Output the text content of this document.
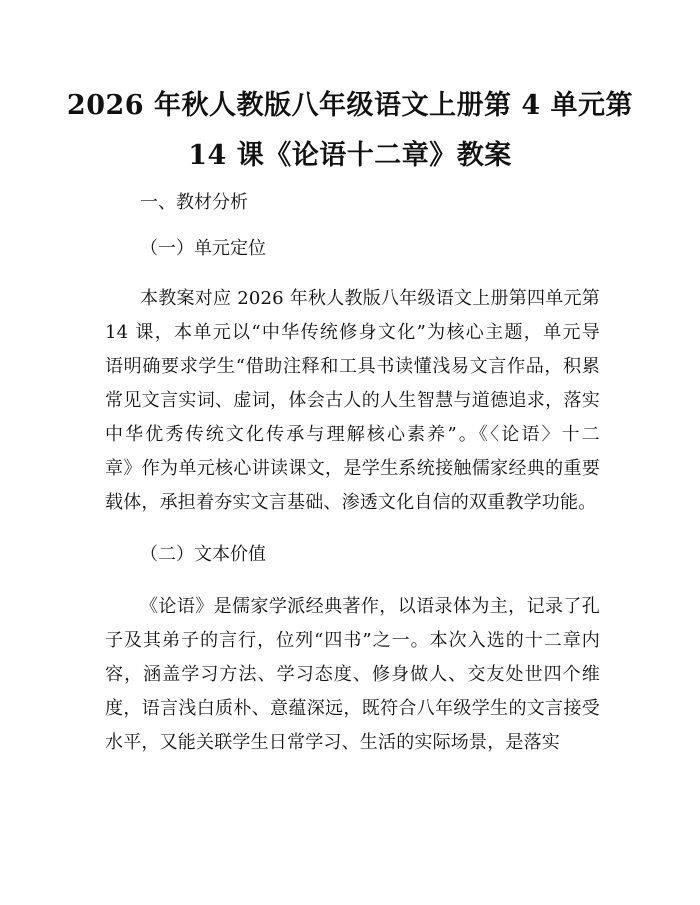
2026 年秋人教版八年级语文上册第 4 单元第
14 课《论语十二章》教案
一、教材分析
（一）单元定位
本教案对应 2026 年秋人教版八年级语文上册第四单元第
14 课，本单元以“中华传统修身文化”为核心主题，单元导
语明确要求学生“借助注释和工具书读懂浅易文言作品，积累
常见文言实词、虚词，体会古人的人生智慧与道德追求，落实
中华优秀传统文化传承与理解核心素养”。《〈论语〉十二
章》作为单元核心讲读课文，是学生系统接触儒家经典的重要
载体，承担着夯实文言基础、渗透文化自信的双重教学功能。
（二）文本价值
《论语》是儒家学派经典著作，以语录体为主，记录了孔
子及其弟子的言行，位列“四书”之一。本次入选的十二章内
容，涵盖学习方法、学习态度、修身做人、交友处世四个维
度，语言浅白质朴、意蕴深远，既符合八年级学生的文言接受
水平，又能关联学生日常学习、生活的实际场景，是落实
